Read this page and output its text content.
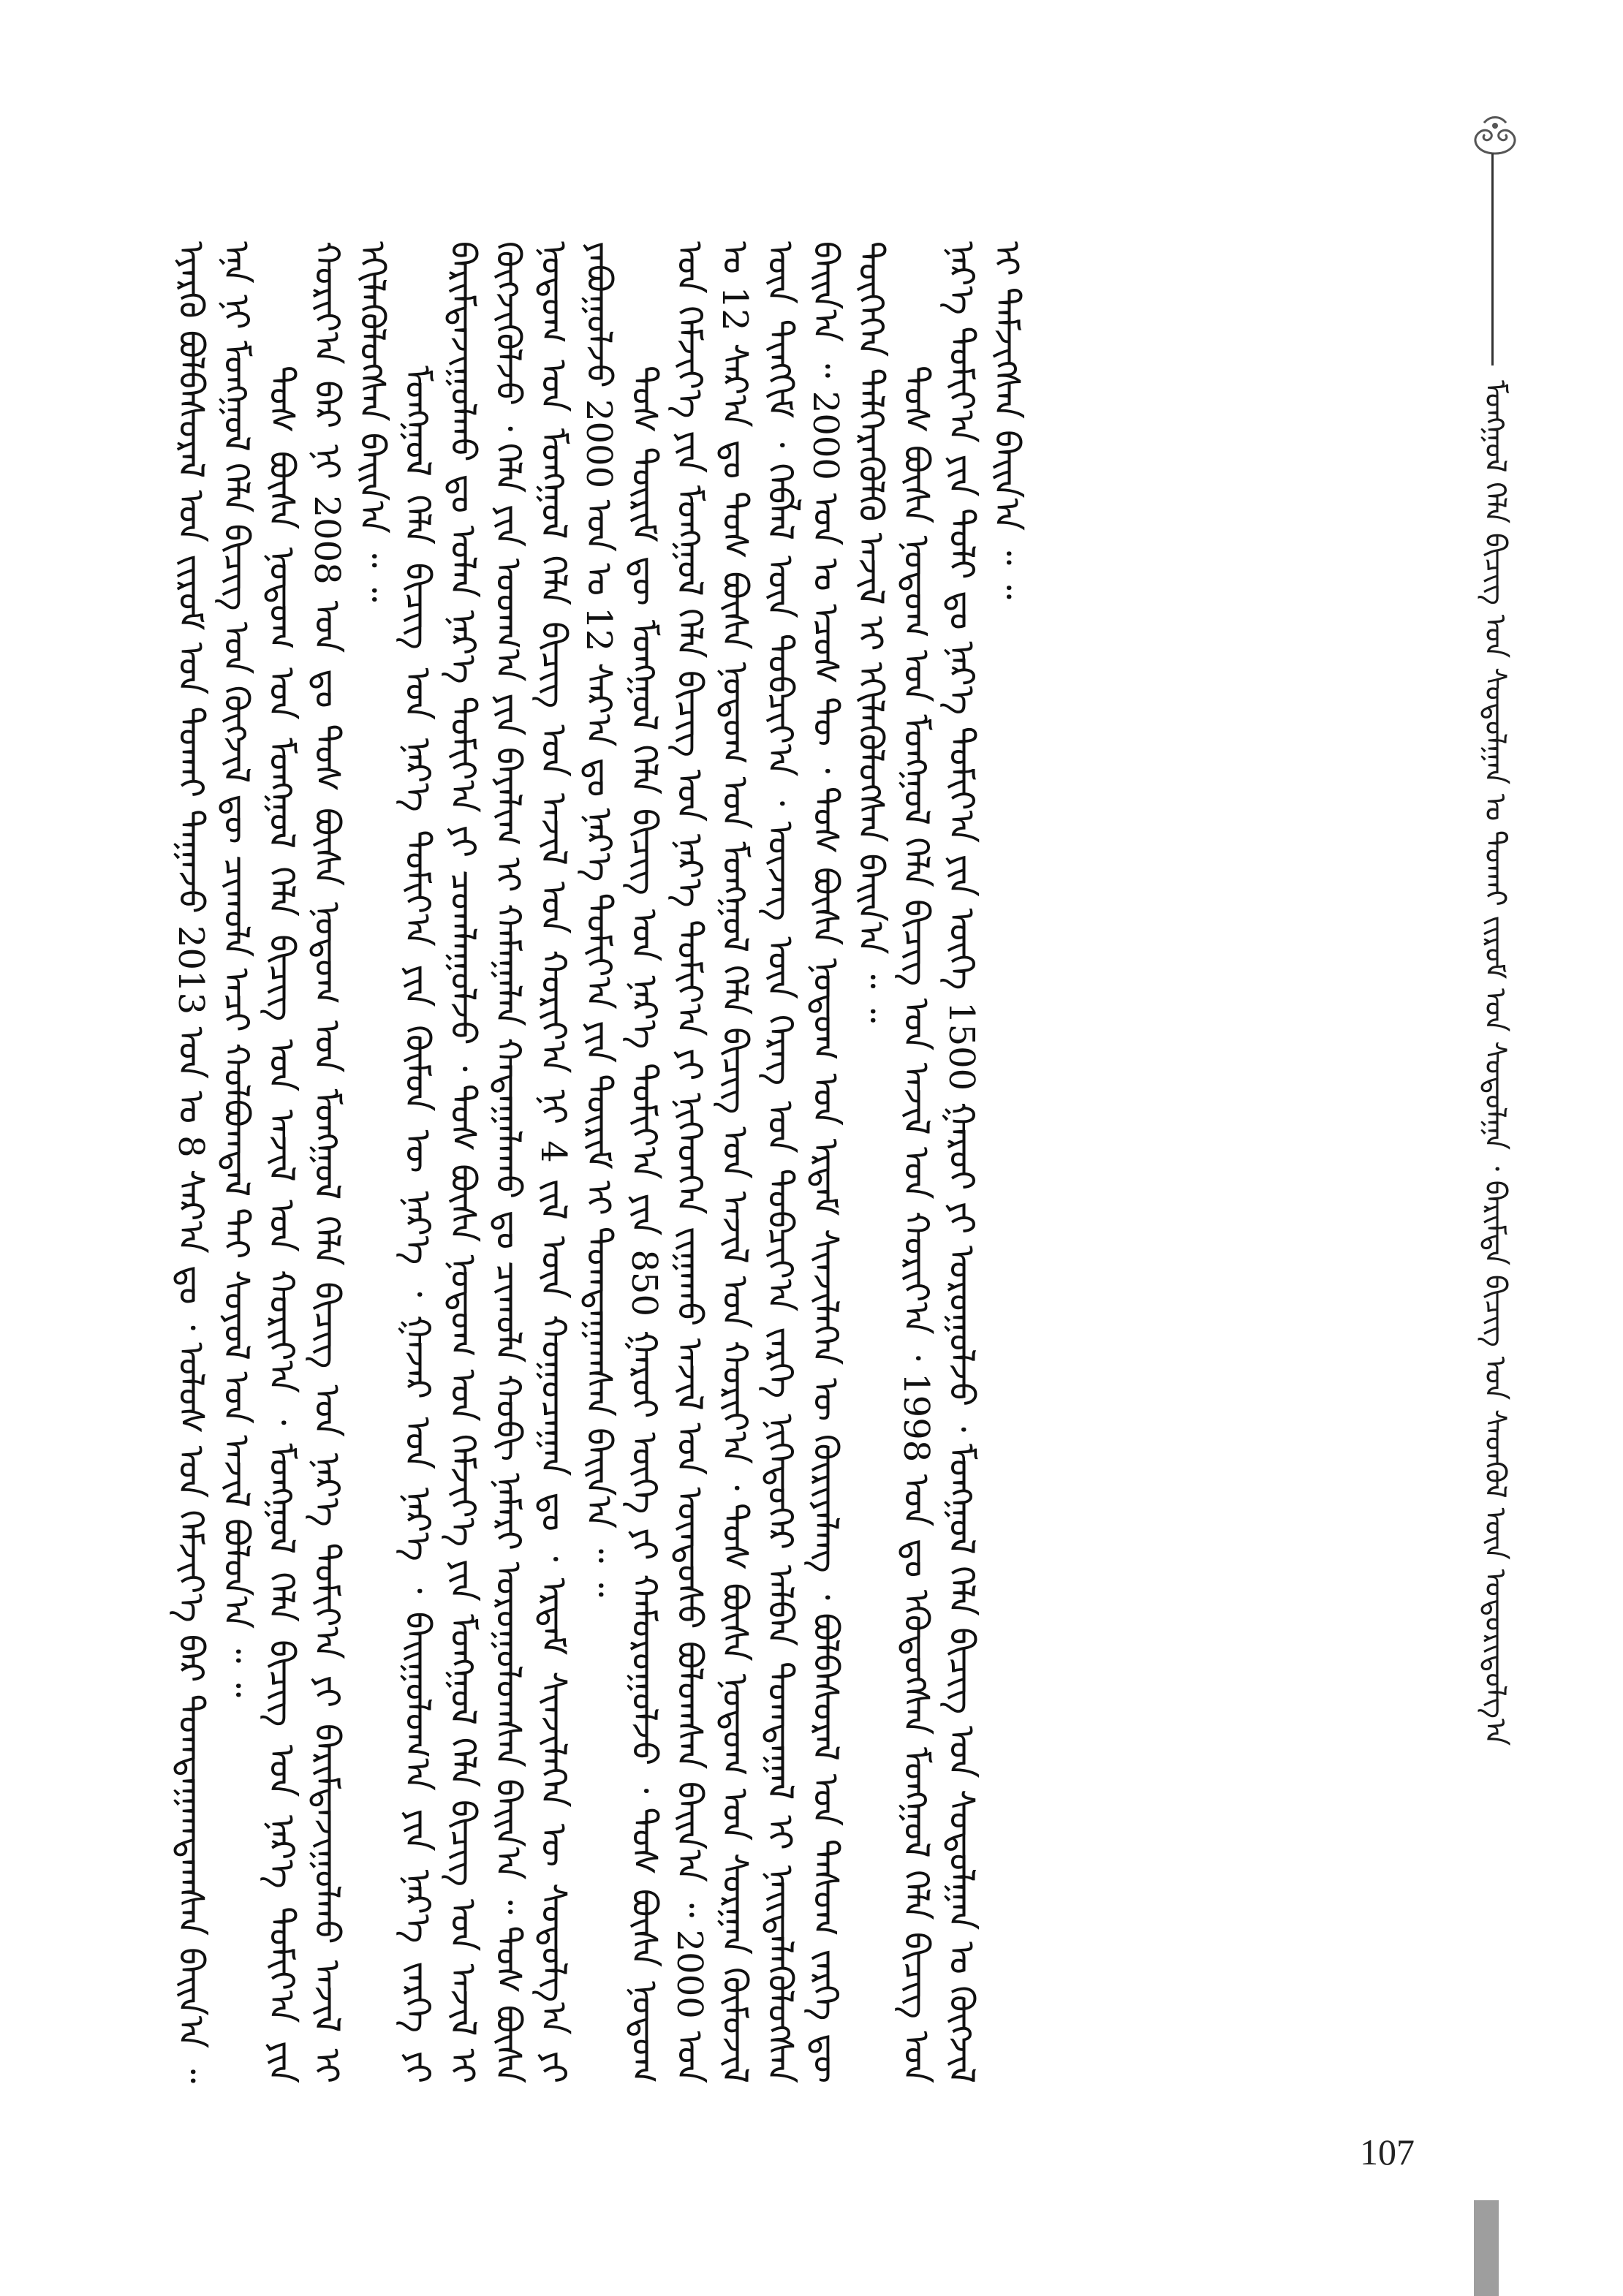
ᠮᠣᠩᠭᠣᠯ ᠬᠡᠯᠡ ᠪᠢᠴᠢᠭ ᠤᠨ ᠰᠤᠳᠤᠯᠭᠠᠨ ᠤ ᠲᠤᠬᠠᠢ ᠵᠢᠷᠤᠮ ᠤᠨ ᠰᠤᠳᠤᠯᠭᠠ ᠂ ᠪᠠᠷᠢᠮᠲᠠ ᠪᠢᠴᠢᠭ ᠤᠨ ᠰᠡᠳᠭᠦᠯ ᠦᠨ ᠤᠳᠤᠷᠢᠳᠤᠯᠭ᠎ᠠ

ᠡᠶᠡᠷᠬᠦ ᠪᠣᠯᠪᠠᠰᠤᠷᠠᠯ ᠤᠨ ᠵᠢᠷᠤᠮ ᠤᠨ ᠲᠤᠬᠠᠢ ᠳᠠᠭᠠᠵᠤ 2013 ᠣᠨ ᠤ 8 ᠰᠠᠷ᠎ᠠ ᠳᠤ ᠂ ᠤᠯᠤᠰ ᠤᠨ ᠬᠡᠮᠵᠢᠶ᠎ᠡ ᠪᠡᠷ ᠲᠤᠭᠲᠠᠭᠠᠭᠳᠠᠭᠰᠠᠨ ᠪᠠᠢᠨ᠎ᠠ ᠃ ᠡᠨᠡ ᠨᠢ ᠮᠣᠩᠭᠣᠯ ᠬᠡᠯᠡ ᠪᠢᠴᠢᠭ ᠤᠨ ᠬᠥᠭᠵᠢᠯ ᠳᠦ ᠴᠢᠬᠤᠯᠠ ᠠᠴᠢ ᠬᠣᠯᠪᠣᠭᠳᠠᠯ ᠲᠠᠢ ᠰᠣᠶᠣᠯ ᠤᠨ ᠠᠵᠢᠯ ᠪᠣᠯᠤᠨ᠎ᠠ ᠃ ᠃ ᠲᠤᠰ ᠪᠦᠰᠡ ᠨᠤᠲᠤᠭ ᠤᠨ ᠮᠣᠩᠭᠣᠯ ᠬᠡᠯᠡ ᠪᠢᠴᠢᠭ ᠤᠨ ᠠᠵᠢᠯ ᠤᠨ ᠬᠣᠷᠢᠶ᠎ᠠ ᠂ ᠮᠣᠩᠭᠣᠯ ᠬᠡᠯᠡ ᠪᠢᠴᠢᠭ ᠤᠨ ᠨᠡᠷ᠎ᠡ ᠲᠣᠮᠢᠶ᠎ᠠ ᠶᠢᠨ ᠬᠣᠷᠢᠶ᠎ᠠ ᠪᠡᠷ ᠨᠢ 2008 ᠣᠨ ᠳᠤ ᠲᠤᠰ ᠪᠦᠰᠡ ᠨᠤᠲᠤᠭ ᠤᠨ ᠮᠣᠩᠭᠣᠯ ᠬᠡᠯᠡ ᠪᠢᠴᠢᠭ ᠤᠨ ᠨᠡᠷ᠎ᠡ ᠲᠣᠮᠢᠶ᠎ᠠ ᠶᠢ ᠪᠠᠷᠢᠮᠳᠠᠵᠢᠭᠤᠯᠬᠤ ᠠᠵᠢᠯ ᠢ ᠡᠬᠢᠯᠡᠭᠦᠯᠦᠭᠰᠡᠨ ᠪᠠᠢᠨ᠎ᠠ ᠃ ᠃ ᠮᠣᠩᠭᠣᠯ ᠬᠡᠯᠡ ᠪᠢᠴᠢᠭ ᠤᠨ ᠨᠡᠷ᠎ᠡ ᠲᠣᠮᠢᠶ᠎ᠠ ᠶᠢᠨ ᠬᠥᠮᠦᠨ ᠦ ᠨᠡᠷ᠎ᠡ ᠂ ᠭᠠᠵᠠᠷ ᠤᠨ ᠨᠡᠷ᠎ᠡ ᠂ ᠪᠠᠢᠭᠤᠯᠤᠭ᠎ᠠ ᠶᠢᠨ ᠨᠡᠷ᠎ᠡ ᠵᠡᠷᠭᠡ ᠶᠢ ᠪᠠᠷᠢᠮᠳᠠᠵᠢᠭᠤᠯᠬᠤ ᠳᠤ ᠣᠯᠠᠨ ᠨᠡᠷ᠎ᠡ ᠲᠣᠮᠢᠶ᠎ᠠ ᠶᠢ ᠴᠤᠭᠯᠠᠭᠤᠯᠵᠤ ᠂ ᠲᠤᠰ ᠪᠦᠰᠡ ᠨᠤᠲᠤᠭ ᠤᠨ ᠬᠡᠮᠵᠢᠶ᠎ᠡ ᠶᠢᠨ ᠮᠣᠩᠭᠣᠯ ᠬᠡᠯᠡ ᠪᠢᠴᠢᠭ ᠤᠨ ᠠᠵᠢᠯ ᠢ ᠬᠥᠭᠵᠢᠭᠦᠯᠵᠦ ᠂ ᠬᠡᠯᠡ ᠶᠢᠨ ᠤᠳᠬ᠎ᠠ ᠶᠢᠨ ᠪᠠᠶᠠᠯᠢᠭ ᠢ ᠬᠠᠮᠠᠭᠠᠯᠠᠨ ᠬᠠᠳᠠᠭᠠᠯᠠᠬᠤ ᠳᠤ ᠴᠢᠬᠤᠯᠠ ᠬᠤᠪᠢ ᠨᠡᠮᠡᠷᠢ ᠣᠷᠣᠭᠤᠯᠤᠭᠰᠠᠨ ᠪᠠᠢᠨ᠎ᠠ ᠃ ᠲᠤᠰ ᠪᠦᠰᠡ ᠨᠤᠲᠤᠭ ᠤᠨ ᠮᠣᠩᠭᠣᠯ ᠬᠡᠯᠡ ᠪᠢᠴᠢᠭ ᠤᠨ ᠠᠵᠢᠯ ᠤᠨ ᠬᠣᠷᠢᠶ᠎ᠠ ᠨᠢ 4 ᠵᠢᠯ ᠦᠨ ᠬᠤᠭᠤᠴᠠᠭᠠᠨ ᠳᠤ ᠂ ᠡᠷᠳᠡᠮ ᠰᠢᠨᠵᠢᠯᠡᠭᠡᠨ ᠦ ᠰᠤᠳᠤᠯᠭ᠎ᠠ ᠶᠢ ᠶᠠᠪᠤᠭᠤᠯᠵᠤ 2000 ᠣᠨ ᠤ 12 ᠰᠠᠷ᠎ᠠ ᠳᠤ ᠨᠡᠷ᠎ᠡ ᠲᠣᠮᠢᠶ᠎ᠠ ᠶᠢᠨ ᠳᠦᠷᠢᠮ ᠢ ᠲᠤᠭᠲᠠᠭᠠᠭᠰᠠᠨ ᠪᠠᠢᠨ᠎ᠠ ᠃ ᠃ ᠲᠤᠰ ᠳᠦᠷᠢᠮ ᠳᠦ ᠮᠣᠩᠭᠣᠯ ᠬᠡᠯᠡ ᠪᠢᠴᠢᠭ ᠤᠨ ᠨᠡᠷ᠎ᠡ ᠲᠣᠮᠢᠶ᠎ᠠ ᠶᠢᠨ 850 ᠭᠠᠷᠤᠢ ᠦᠭᠡ ᠶᠢ ᠬᠠᠮᠤᠷᠤᠭᠤᠯᠵᠤ ᠂ ᠲᠤᠰ ᠪᠦᠰᠡ ᠨᠤᠲᠤᠭ ᠤᠨ ᠬᠡᠮᠵᠢᠶ᠎ᠡ ᠶᠢᠨ ᠮᠣᠩᠭᠣᠯ ᠬᠡᠯᠡ ᠪᠢᠴᠢᠭ ᠤᠨ ᠨᠡᠷ᠎ᠡ ᠲᠣᠮᠢᠶ᠎ᠠ ᠶᠢ ᠨᠢᠭᠡᠳᠭᠡᠨ ᠵᠢᠭᠠᠬᠤ ᠠᠵᠢᠯ ᠤᠨ ᠦᠨᠳᠦᠰᠦ ᠪᠣᠯᠤᠭᠰᠠᠨ ᠪᠠᠢᠨ᠎ᠠ ᠃ 2000 ᠣᠨ ᠤ 12 ᠰᠠᠷ᠎ᠠ ᠳᠤ ᠲᠤᠰ ᠪᠦᠰᠡ ᠨᠤᠲᠤᠭ ᠤᠨ ᠮᠣᠩᠭᠣᠯ ᠬᠡᠯᠡ ᠪᠢᠴᠢᠭ ᠤᠨ ᠠᠵᠢᠯ ᠤᠨ ᠬᠣᠷᠢᠶ᠎ᠠ ᠂ ᠲᠤᠰ ᠪᠦᠰᠡ ᠨᠤᠲᠤᠭ ᠤᠨ ᠰᠤᠷᠭᠠᠨ ᠬᠦᠮᠦᠵᠢᠯ ᠦᠨ ᠲᠢᠩᠬᠢᠮ ᠂ ᠬᠡᠪᠯᠡᠯ ᠦᠨ ᠲᠣᠪᠴᠢᠶ᠎ᠠ ᠂ ᠦᠵᠡᠭ ᠦᠨ ᠬᠡᠷᠡᠭ ᠤᠨ ᠲᠣᠪᠴᠢᠶ᠎ᠠ ᠵᠡᠷᠭᠡ ᠨᠢᠭᠡᠳᠦᠭᠡᠷ ᠠᠯᠪᠠᠨ ᠲᠣᠭᠲᠠᠭᠠᠯ ᠢ ᠨᠡᠢᠲᠡᠯᠡᠭᠦᠯᠦᠭᠰᠡᠨ ᠪᠠᠢᠨ᠎ᠠ ᠃ 2000 ᠣᠨ ᠤ ᠡᠴᠦᠰ ᠲᠦ ᠂ ᠲᠤᠰ ᠪᠦᠰᠡ ᠨᠤᠲᠤᠭ ᠤᠨ ᠡᠷᠳᠡᠮ ᠰᠢᠨᠵᠢᠯᠡᠭᠡᠨ ᠦ ᠬᠦᠷᠢᠶᠡᠯᠡᠩ ᠂ ᠪᠣᠯᠪᠠᠰᠤᠷᠠᠯ ᠤᠨ ᠲᠠᠰᠤᠭ ᠵᠡᠷᠭᠡ ᠳᠦ ᠲᠦᠭᠡᠭᠡᠨ ᠳᠡᠯᠭᠡᠷᠡᠭᠦᠯᠬᠦ ᠠᠵᠢᠯ ᠢ ᠡᠬᠢᠯᠡᠭᠦᠯᠦᠭᠰᠡᠨ ᠪᠠᠢᠨ᠎ᠠ ᠃ ᠃ ᠲᠤᠰ ᠪᠦᠰᠡ ᠨᠤᠲᠤᠭ ᠤᠨ ᠮᠣᠩᠭᠣᠯ ᠬᠡᠯᠡ ᠪᠢᠴᠢᠭ ᠤᠨ ᠠᠵᠢᠯ ᠤᠨ ᠬᠣᠷᠢᠶ᠎ᠠ ᠂ 1998 ᠣᠨ ᠳᠤ ᠡᠭᠦᠳᠦᠭᠰᠡᠨ ᠮᠣᠩᠭᠣᠯ ᠬᠡᠯᠡ ᠪᠢᠴᠢᠭ ᠤᠨ ᠨᠡᠷ᠎ᠡ ᠲᠣᠮᠢᠶ᠎ᠠ ᠶᠢᠨ ᠲᠣᠯᠢ ᠳᠤ ᠨᠡᠷ᠎ᠡ ᠲᠣᠮᠢᠶ᠎ᠠ ᠶᠢᠨ ᠦᠭᠡ 1500 ᠭᠠᠷᠤᠢ ᠶᠢ ᠣᠷᠣᠭᠤᠯᠵᠤ ᠂ ᠮᠣᠩᠭᠣᠯ ᠬᠡᠯᠡ ᠪᠢᠴᠢᠭ ᠤᠨ ᠰᠤᠳᠤᠯᠭᠠᠨ ᠤ ᠬᠥᠭᠵᠢᠯ ᠢ ᠳᠡᠮᠵᠢᠭᠰᠡᠨ ᠪᠠᠢᠨ᠎ᠠ ᠃ ᠃

107
